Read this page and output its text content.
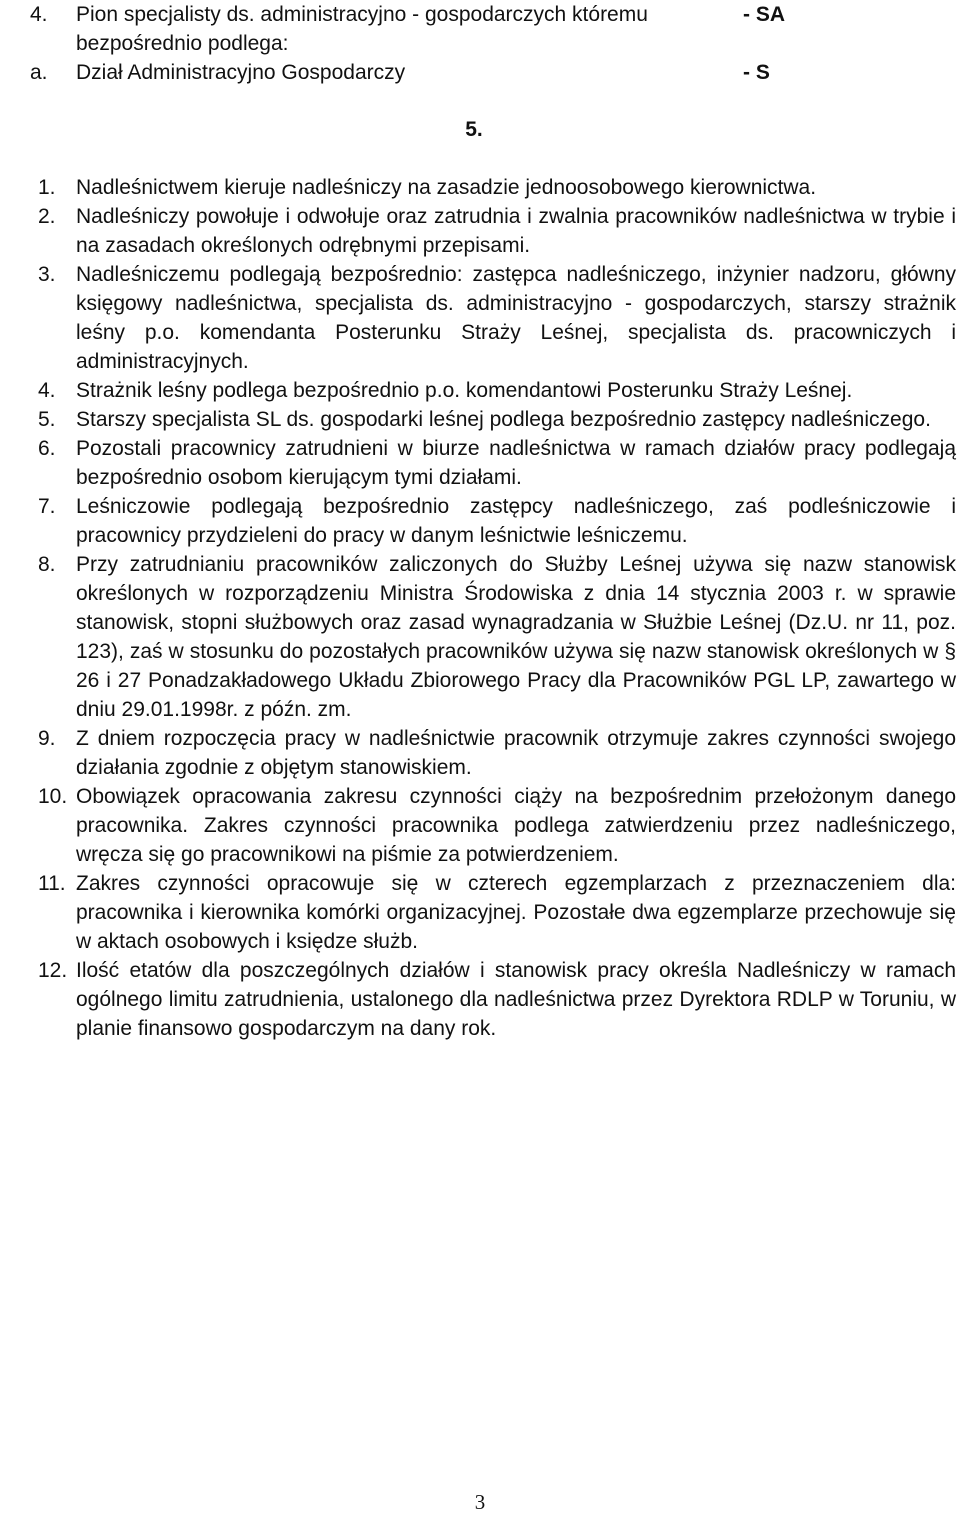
4. Pion specjalisty ds. administracyjno - gospodarczych któremu bezpośrednio podlega:
- SA
a. Dział Administracyjno Gospodarczy	- S
5.
1. Nadleśnictwem kieruje nadleśniczy na zasadzie jednoosobowego kierownictwa.
2. Nadleśniczy powołuje i odwołuje oraz zatrudnia i zwalnia pracowników nadleśnictwa w trybie i na zasadach określonych odrębnymi przepisami.
3. Nadleśniczemu podlegają bezpośrednio: zastępca nadleśniczego, inżynier nadzoru, główny księgowy nadleśnictwa, specjalista ds. administracyjno - gospodarczych, starszy strażnik leśny p.o. komendanta Posterunku Straży Leśnej, specjalista ds. pracowniczych i administracyjnych.
4. Strażnik leśny podlega bezpośrednio p.o. komendantowi Posterunku Straży Leśnej.
5. Starszy specjalista SL ds. gospodarki leśnej podlega bezpośrednio zastępcy nadleśniczego.
6. Pozostali pracownicy zatrudnieni w biurze nadleśnictwa w ramach działów pracy podlegają bezpośrednio osobom kierującym tymi działami.
7. Leśniczowie podlegają bezpośrednio zastępcy nadleśniczego, zaś podleśniczowie i pracownicy przydzieleni do pracy w danym leśnictwie leśniczemu.
8. Przy zatrudnianiu pracowników zaliczonych do Służby Leśnej używa się nazw stanowisk określonych w rozporządzeniu Ministra Środowiska z dnia 14 stycznia 2003 r. w sprawie stanowisk, stopni służbowych oraz zasad wynagradzania w Służbie Leśnej (Dz.U. nr 11, poz. 123), zaś w stosunku do pozostałych pracowników używa się nazw stanowisk określonych w § 26 i 27 Ponadzakładowego Układu Zbiorowego Pracy dla Pracowników PGL LP, zawartego w dniu 29.01.1998r. z późn. zm.
9. Z dniem rozpoczęcia pracy w nadleśnictwie pracownik otrzymuje zakres czynności swojego działania zgodnie z objętym stanowiskiem.
10. Obowiązek opracowania zakresu czynności ciąży na bezpośrednim przełożonym danego pracownika. Zakres czynności pracownika podlega zatwierdzeniu przez nadleśniczego, wręcza się go pracownikowi na piśmie za potwierdzeniem.
11. Zakres czynności opracowuje się w czterech egzemplarzach z przeznaczeniem dla: pracownika i kierownika komórki organizacyjnej. Pozostałe dwa egzemplarze przechowuje się w aktach osobowych i księdze służb.
12. Ilość etatów dla poszczególnych działów i stanowisk pracy określa Nadleśniczy w ramach ogólnego limitu zatrudnienia, ustalonego dla nadleśnictwa przez Dyrektora RDLP w Toruniu, w planie finansowo gospodarczym na dany rok.
3
